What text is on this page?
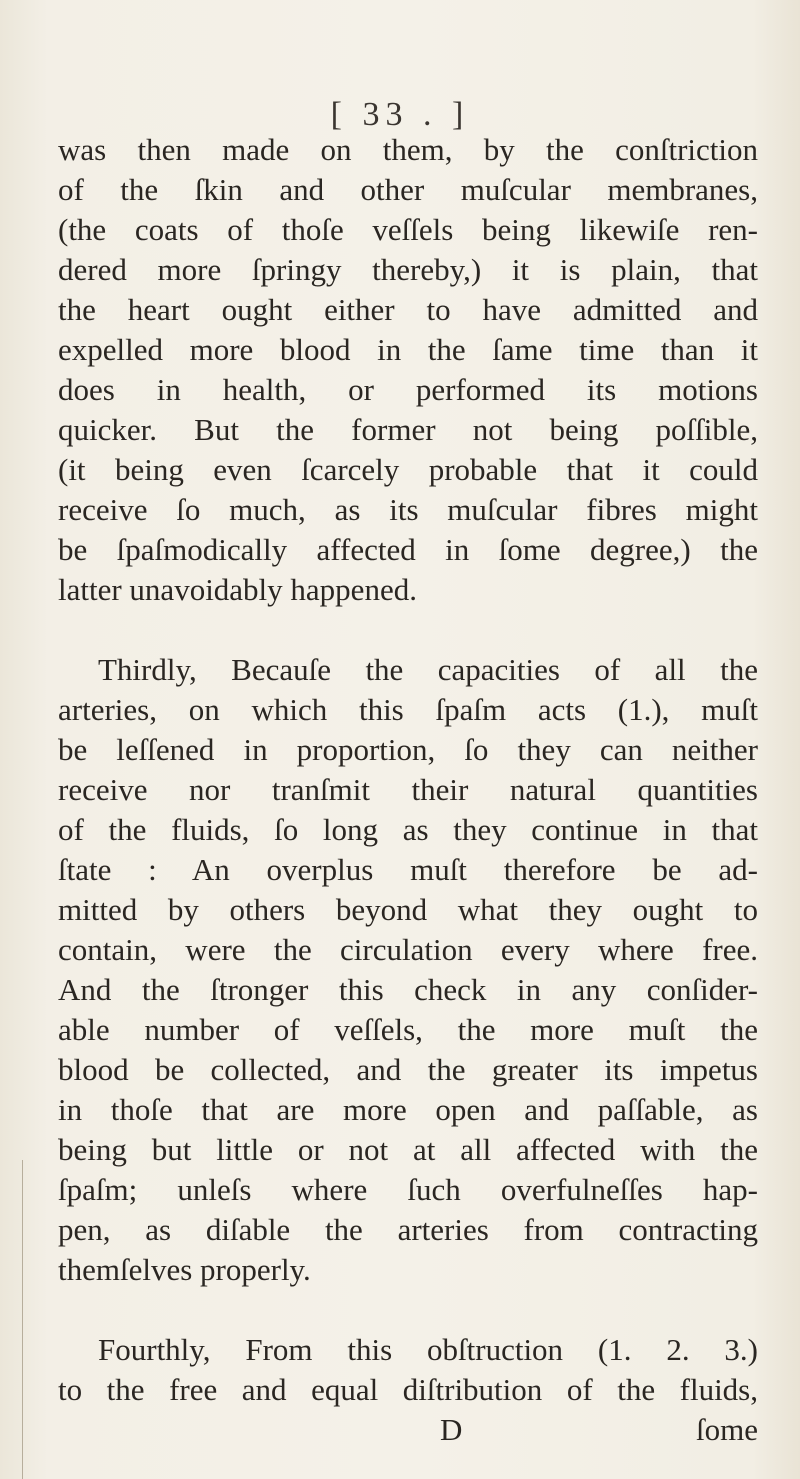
[ 33 . ]
was then made on them, by the conſtriction
of the ſkin and other muſcular membranes,
(the coats of thoſe veſſels being likewiſe ren-
dered more ſpringy thereby,) it is plain, that
the heart ought either to have admitted and
expelled more blood in the ſame time than it
does in health, or performed its motions
quicker. But the former not being poſſible,
(it being even ſcarcely probable that it could
receive ſo much, as its muſcular fibres might
be ſpaſmodically affected in ſome degree,) the
latter unavoidably happened.
Thirdly, Becauſe the capacities of all the
arteries, on which this ſpaſm acts (1.), muſt
be leſſened in proportion, ſo they can neither
receive nor tranſmit their natural quantities
of the fluids, ſo long as they continue in that
ſtate : An overplus muſt therefore be ad-
mitted by others beyond what they ought to
contain, were the circulation every where free.
And the ſtronger this check in any conſider-
able number of veſſels, the more muſt the
blood be collected, and the greater its impetus
in thoſe that are more open and paſſable, as
being but little or not at all affected with the
ſpaſm; unleſs where ſuch overfulneſſes hap-
pen, as diſable the arteries from contracting
themſelves properly.
Fourthly, From this obſtruction (1. 2. 3.)
to the free and equal diſtribution of the fluids,
D	ſome
